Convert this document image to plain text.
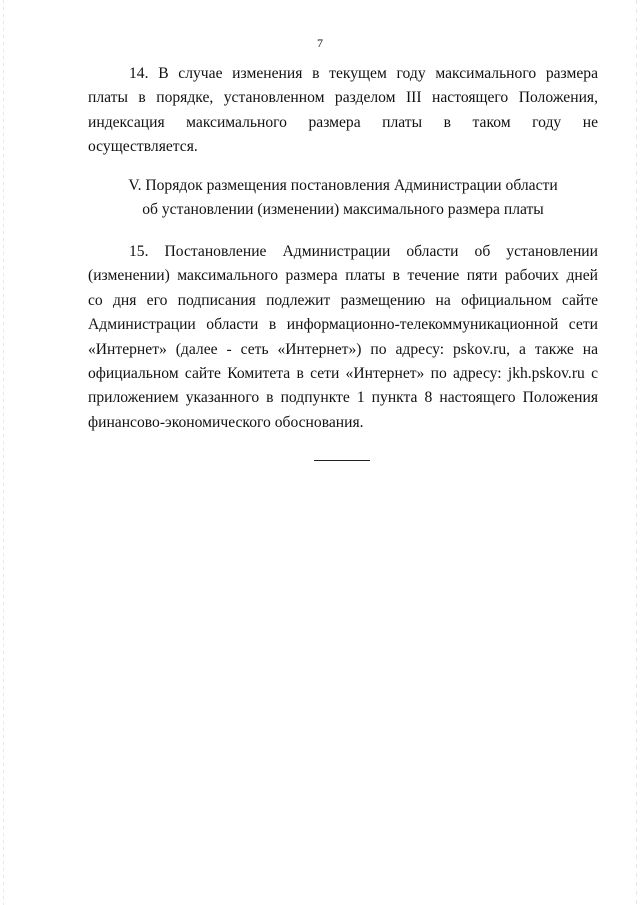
7
14. В случае изменения в текущем году максимального размера
платы в порядке, установленном разделом III настоящего Положения,
индексация максимального размера платы в таком году не
осуществляется.
V. Порядок размещения постановления Администрации области
об установлении (изменении) максимального размера платы
15. Постановление Администрации области об установлении
(изменении) максимального размера платы в течение пяти рабочих дней
со дня его подписания подлежит размещению на официальном сайте
Администрации области в информационно-телекоммуникационной сети
«Интернет» (далее - сеть «Интернет») по адресу: pskov.ru, а также на
официальном сайте Комитета в сети «Интернет» по адресу: jkh.pskov.ru с
приложением указанного в подпункте 1 пункта 8 настоящего Положения
финансово-экономического обоснования.
